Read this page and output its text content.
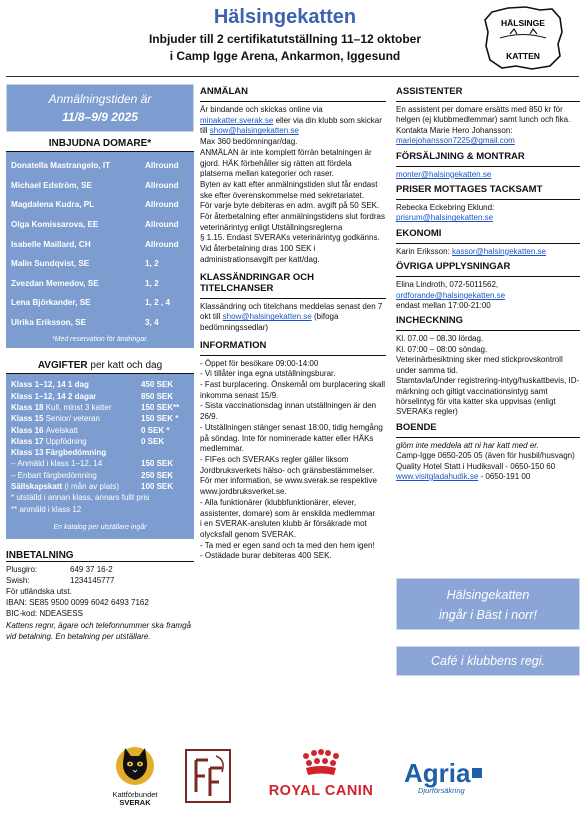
Hälsingekatten
Inbjuder till 2 certifikatutställning 11–12 oktober
i Camp Igge Arena, Ankarmon, Iggesund
HÄLSINGE
KATTEN
Anmälningstiden är
11/8–9/9 2025
INBJUDNA DOMARE*
Donatella Mastrangelo, IT	Allround
Michael Edström, SE	Allround
Magdalena Kudra, PL	Allround
Olga Komissarova, EE	Allround
Isabelle Maillard, CH	Allround
Malin Sundqvist, SE	1, 2
Zvezdan Memedov, SE	1, 2
Lena Björkander, SE	1, 2 , 4
Ulrika Eriksson, SE	3, 4
*Med reservation för ändringar.
AVGIFTER per katt och dag
Klass 1–12, 14 1 dag	450 SEK
Klass 1–12, 14 2 dagar	850 SEK
Klass 18 Kull, minst 3 katter	150 SEK**
Klass 15 Senior/ veteran	150 SEK *
Klass 16 Avelskatt	0 SEK *
Klass 17 Uppfödning	0 SEK
Klass 13 Färgbedömning
– Anmäld i klass 1–12, 14	150 SEK
– Enbart färgbedömning	250 SEK
Sällskapskatt (i mån av plats)	100 SEK
* utställd i annan klass, annars fullt pris
** anmäld i klass 12
En katalog per utställare ingår
INBETALNING
Plusgiro:	649 37 16-2
Swish:	1234145777
För utländska utst.
IBAN: SE85 9500 0099 6042 6493 7162
BIC-kod: NDEASESS
Kattens regnr, ägare och telefonnummer ska framgå vid betalning. En betalning per utställare.
ANMÄLAN

Är bindande och skickas online via
minakatter.sverak.se eller via din klubb som skickar till show@halsingekatten.se

Max 360 bedömningar/dag.

ANMÄLAN är inte komplett förrän betalningen är gjord. HÄK förbehåller sig rätten att fördela platserna mellan kategorier och raser.

Byten av katt efter anmälningstiden slut får endast ske efter överenskommelse med sekretariatet.

För varje byte debiteras en adm. avgift på 50 SEK.

För återbetalning efter anmälningstidens slut fordras veterinärintyg enligt Utställningsreglerna

§ 1.15. Endast SVERAKs veterinärintyg godkänns.

Vid återbetalning dras 100 SEK i administrationsavgift per katt/dag.

KLASSÄNDRINGAR OCH TITELCHANSER

Klassändring och titelchans meddelas senast den 7 okt till show@halsingekatten.se (bifoga bedömningssedlar)

INFORMATION

- Öppet för besökare 09:00-14:00

- Vi tillåter inga egna utställningsburar.

- Fast burplacering. Önskemål om burplacering skall inkomma senast 15/9.

- Sista vaccinationsdag innan utställningen är den 26/9.

- Utställningen stänger senast 18:00, tidig hemgång på söndag. Inte för nominerade katter eller HÄKs medlemmar.

- FIFes och SVERAKs regler gäller liksom Jordbruksverkets hälso- och gränsbestämmelser.

För mer information, se www.sverak.se respektive www.jordbruksverket.se.

- Alla funktionärer (klubbfunktionärer, elever, assistenter, domare) som är enskilda medlemmar

i en SVERAK-ansluten klubb är försäkrade mot olycksfall genom SVERAK.

- Ta med er egen sand och ta med den hem igen!

- Ostädade burar debiteras 400 SEK.

ASSISTENTER

En assistent per domare ersätts med 850 kr för helgen (ej klubbmedlemmar) samt lunch och fika.

Kontakta Marie Hero Johansson:

mariejohansson7225@gmail.com
FÖRSÄLJNING & MONTRAR
monter@halsingekatten.se
PRISER MOTTAGES TACKSAMT

Rebecka Eckebring Eklund:

prisrum@halsingekatten.se
EKONOMI

Karin Eriksson: kassor@halsingekatten.se

ÖVRIGA UPPLYSNINGAR

Elina Lindroth, 072-5011562,

ordforande@halsingekatten.se

endast mellan 17:00-21:00

INCHECKNING

Kl. 07.00 – 08.30 lördag.

Kl. 07:00 – 08:00 söndag.

Veterinärbesiktning sker med stickprovskontroll under samma tid.

Stamtavla/Under registrering-intyg/huskattbevis, ID-märkning och giltigt vaccinationsintyg samt hörselintyg för vita katter ska uppvisas (enligt SVERAKs regler)

BOENDE

glöm inte meddela att ni har katt med er.

Camp-Igge 0650-205 05 (även för husbil/husvagn)

Quality Hotel Statt i Hudiksvall - 0650-150 60

www.visitgladahudik.se - 0650-191 00

Hälsingekatten
ingår i Bäst i norr!
Café i klubbens regi.
Kattförbundet
SVERAK
ROYAL CANIN
Agria
Djurförsäkring
